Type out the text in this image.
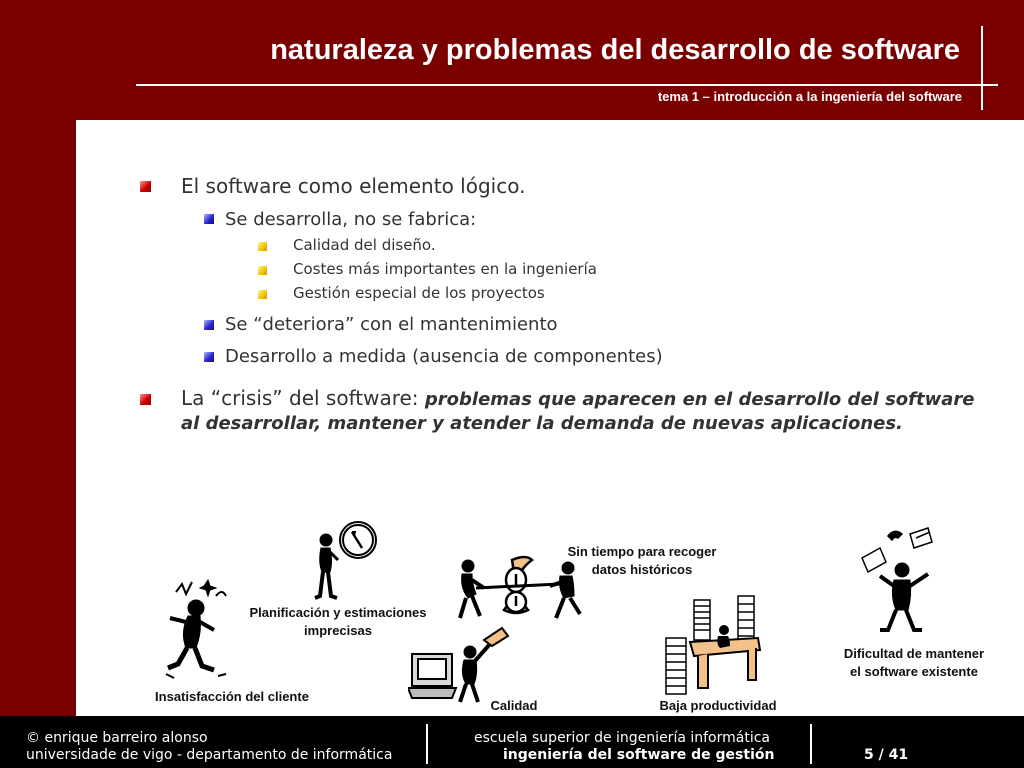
naturaleza y problemas del desarrollo de software
tema 1 – introducción a la ingeniería del software
El software como elemento lógico.
Se desarrolla, no se fabrica:
Calidad del diseño.
Costes más importantes en la ingeniería
Gestión especial de los proyectos
Se “deteriora” con el mantenimiento
Desarrollo a medida (ausencia de componentes)
La “crisis” del software: problemas que aparecen en el desarrollo del software al desarrollar, mantener y atender la demanda de nuevas aplicaciones.
Insatisfacción del cliente
Planificación y estimaciones
imprecisas
Sin tiempo para recoger
datos históricos
Calidad	Baja productividad
Dificultad de mantener
el software existente
© enrique barreiro alonso
universidade de vigo - departamento de informática
escuela superior de ingeniería informática
ingeniería del software de gestión	5 / 41
